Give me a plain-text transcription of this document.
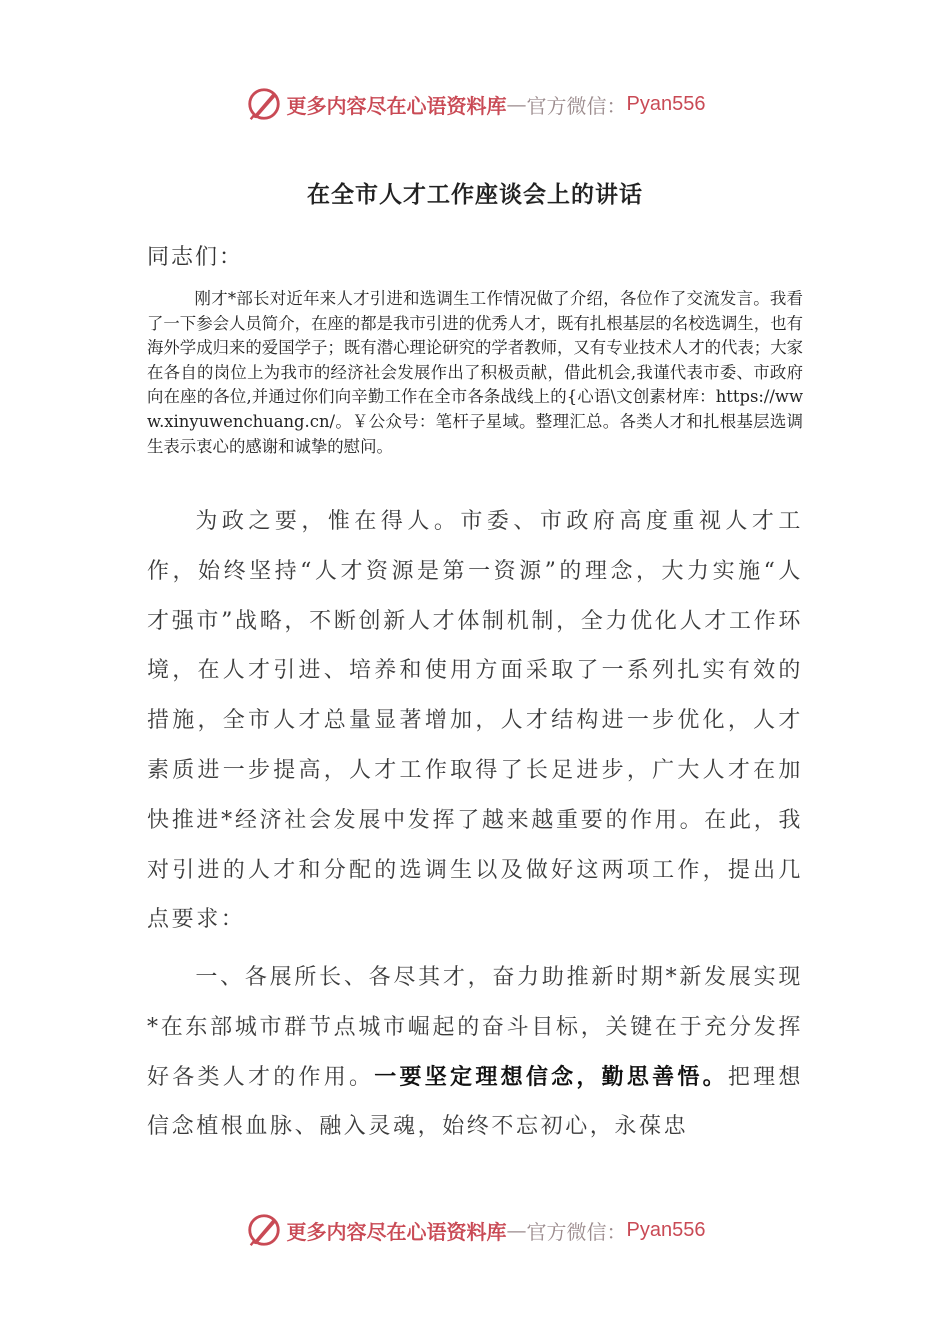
更多内容尽在心语资料库 — 官方微信： Pyan556
在全市人才工作座谈会上的讲话
同志们：
刚才*部长对近年来人才引进和选调生工作情况做了介绍，各位作了交流发言。我看了一下参会人员简介，在座的都是我市引进的优秀人才，既有扎根基层的名校选调生，也有海外学成归来的爱国学子；既有潜心理论研究的学者教师，又有专业技术人才的代表；大家在各自的岗位上为我市的经济社会发展作出了积极贡献，借此机会,我谨代表市委、市政府向在座的各位,并通过你们向辛勤工作在全市各条战线上的{心语\文创素材库：https://www.xinyuwenchuang.cn/。￥公众号：笔杆子星域。整理汇总。各类人才和扎根基层选调生表示衷心的感谢和诚挚的慰问。
为政之要，惟在得人。市委、市政府高度重视人才工作，始终坚持“人才资源是第一资源”的理念，大力实施“人才强市”战略，不断创新人才体制机制，全力优化人才工作环境，在人才引进、培养和使用方面采取了一系列扎实有效的措施，全市人才总量显著增加，人才结构进一步优化，人才素质进一步提高，人才工作取得了长足进步，广大人才在加快推进*经济社会发展中发挥了越来越重要的作用。在此，我对引进的人才和分配的选调生以及做好这两项工作，提出几点要求：
一、各展所长、各尽其才，奋力助推新时期*新发展实现*在东部城市群节点城市崛起的奋斗目标，关键在于充分发挥好各类人才的作用。一要坚定理想信念，勤思善悟。把理想信念植根血脉、融入灵魂，始终不忘初心，永葆忠
更多内容尽在心语资料库 — 官方微信： Pyan556
